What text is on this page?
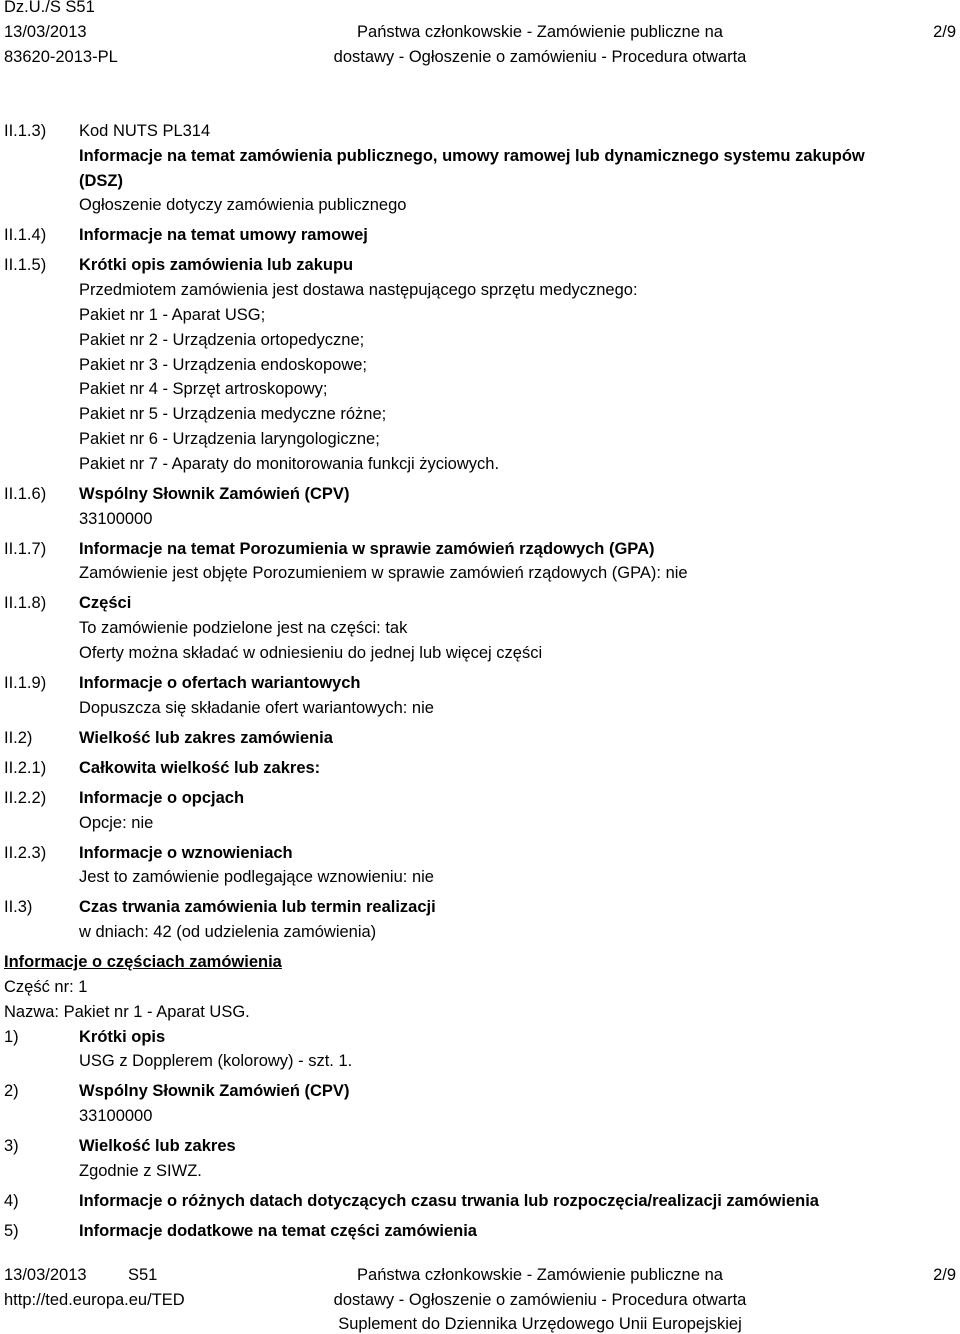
Dz.U./S S51
13/03/2013
83620-2013-PL
Państwa członkowskie - Zamówienie publiczne na
dostawy - Ogłoszenie o zamówieniu - Procedura otwarta
2/9
II.1.3) Kod NUTS PL314
Informacje na temat zamówienia publicznego, umowy ramowej lub dynamicznego systemu zakupów
(DSZ)
Ogłoszenie dotyczy zamówienia publicznego
II.1.4) Informacje na temat umowy ramowej
II.1.5) Krótki opis zamówienia lub zakupu
Przedmiotem zamówienia jest dostawa następującego sprzętu medycznego:
Pakiet nr 1 - Aparat USG;
Pakiet nr 2 - Urządzenia ortopedyczne;
Pakiet nr 3 - Urządzenia endoskopowe;
Pakiet nr 4 - Sprzęt artroskopowy;
Pakiet nr 5 - Urządzenia medyczne różne;
Pakiet nr 6 - Urządzenia laryngologiczne;
Pakiet nr 7 - Aparaty do monitorowania funkcji życiowych.
II.1.6) Wspólny Słownik Zamówień (CPV)
33100000
II.1.7) Informacje na temat Porozumienia w sprawie zamówień rządowych (GPA)
Zamówienie jest objęte Porozumieniem w sprawie zamówień rządowych (GPA): nie
II.1.8) Części
To zamówienie podzielone jest na części: tak
Oferty można składać w odniesieniu do jednej lub więcej części
II.1.9) Informacje o ofertach wariantowych
Dopuszcza się składanie ofert wariantowych: nie
II.2)	Wielkość lub zakres zamówienia
II.2.1) Całkowita wielkość lub zakres:
II.2.2) Informacje o opcjach
Opcje: nie
II.2.3) Informacje o wznowieniach
Jest to zamówienie podlegające wznowieniu: nie
II.3)	Czas trwania zamówienia lub termin realizacji
w dniach: 42 (od udzielenia zamówienia)
Informacje o częściach zamówienia
Część nr: 1
Nazwa: Pakiet nr 1 - Aparat USG.
1)	Krótki opis
USG z Dopplerem (kolorowy) - szt. 1.
2)	Wspólny Słownik Zamówień (CPV)
33100000
3)	Wielkość lub zakres
Zgodnie z SIWZ.
4)	Informacje o różnych datach dotyczących czasu trwania lub rozpoczęcia/realizacji zamówienia
5)	Informacje dodatkowe na temat części zamówienia
13/03/2013	S51
http://ted.europa.eu/TED
Państwa członkowskie - Zamówienie publiczne na
dostawy - Ogłoszenie o zamówieniu - Procedura otwarta
Suplement do Dziennika Urzędowego Unii Europejskiej
2/9
